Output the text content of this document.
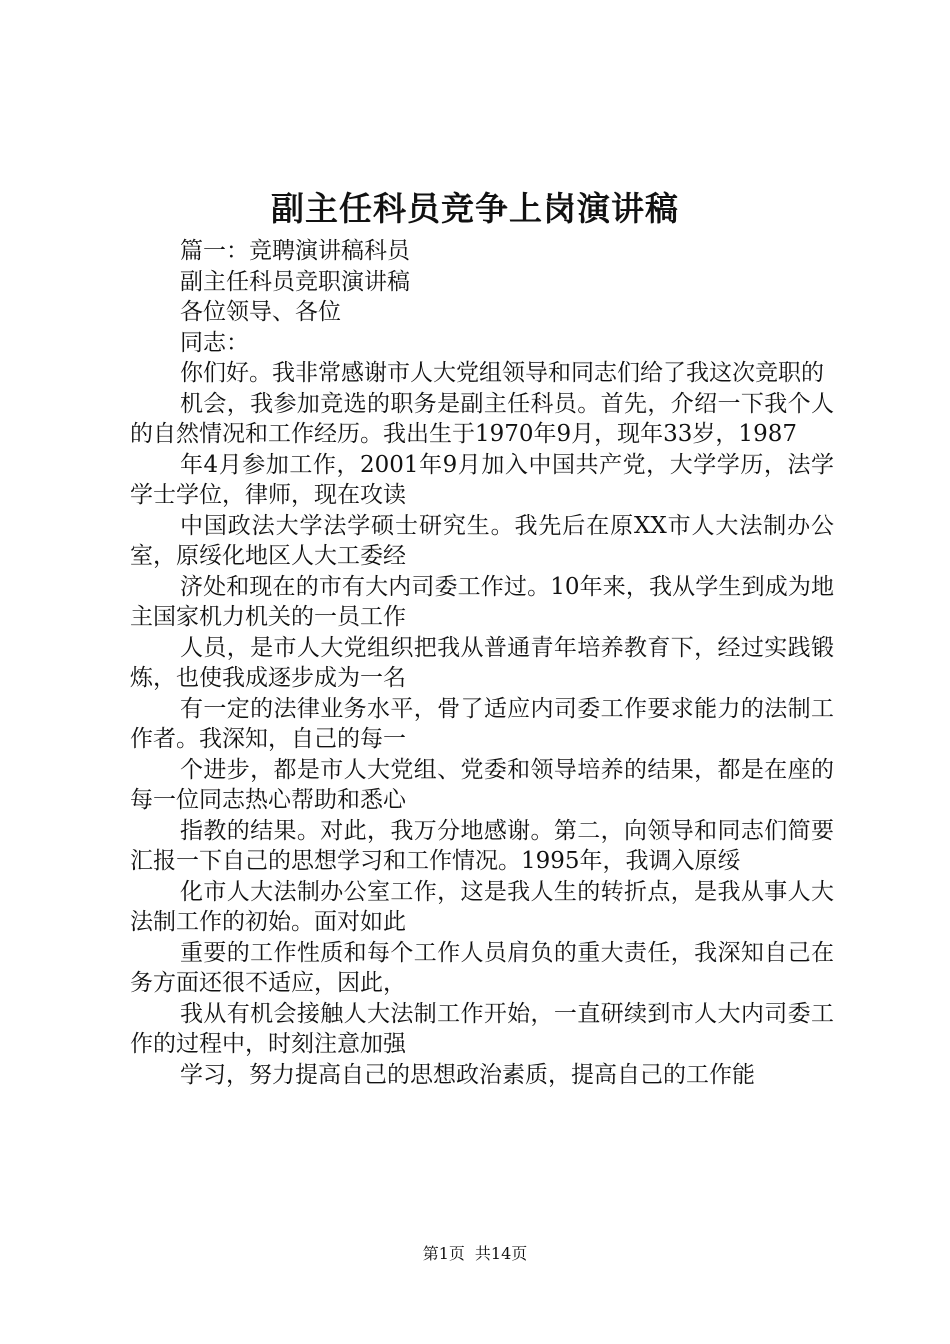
副主任科员竞争上岗演讲稿

篇一：竞聘演讲稿科员

副主任科员竞职演讲稿

各位领导、各位

同志：

你们好。我非常感谢市人大党组领导和同志们给了我这次竞职的

机会，我参加竞选的职务是副主任科员。首先，介绍一下我个人的自然情况和工作经历。我出生于1970年9月，现年33岁，1987

年4月参加工作，2001年9月加入中国共产党，大学学历，法学学士学位，律师，现在攻读

中国政法大学法学硕士研究生。我先后在原XX市人大法制办公室，原绥化地区人大工委经

济处和现在的市有大内司委工作过。10年来，我从学生到成为地主国家机力机关的一员工作

人员，是市人大党组织把我从普通青年培养教育下，经过实践锻炼，也使我成逐步成为一名

有一定的法律业务水平，骨了适应内司委工作要求能力的法制工作者。我深知，自己的每一

个进步，都是市人大党组、党委和领导培养的结果，都是在座的每一位同志热心帮助和悉心

指教的结果。对此，我万分地感谢。第二，向领导和同志们简要汇报一下自己的思想学习和工作情况。1995年，我调入原绥

化市人大法制办公室工作，这是我人生的转折点，是我从事人大法制工作的初始。面对如此

重要的工作性质和每个工作人员肩负的重大责任，我深知自己在务方面还很不适应，因此，

我从有机会接触人大法制工作开始，一直研续到市人大内司委工作的过程中，时刻注意加强

学习，努力提高自己的思想政治素质，提高自己的工作能

第1页 共14页
